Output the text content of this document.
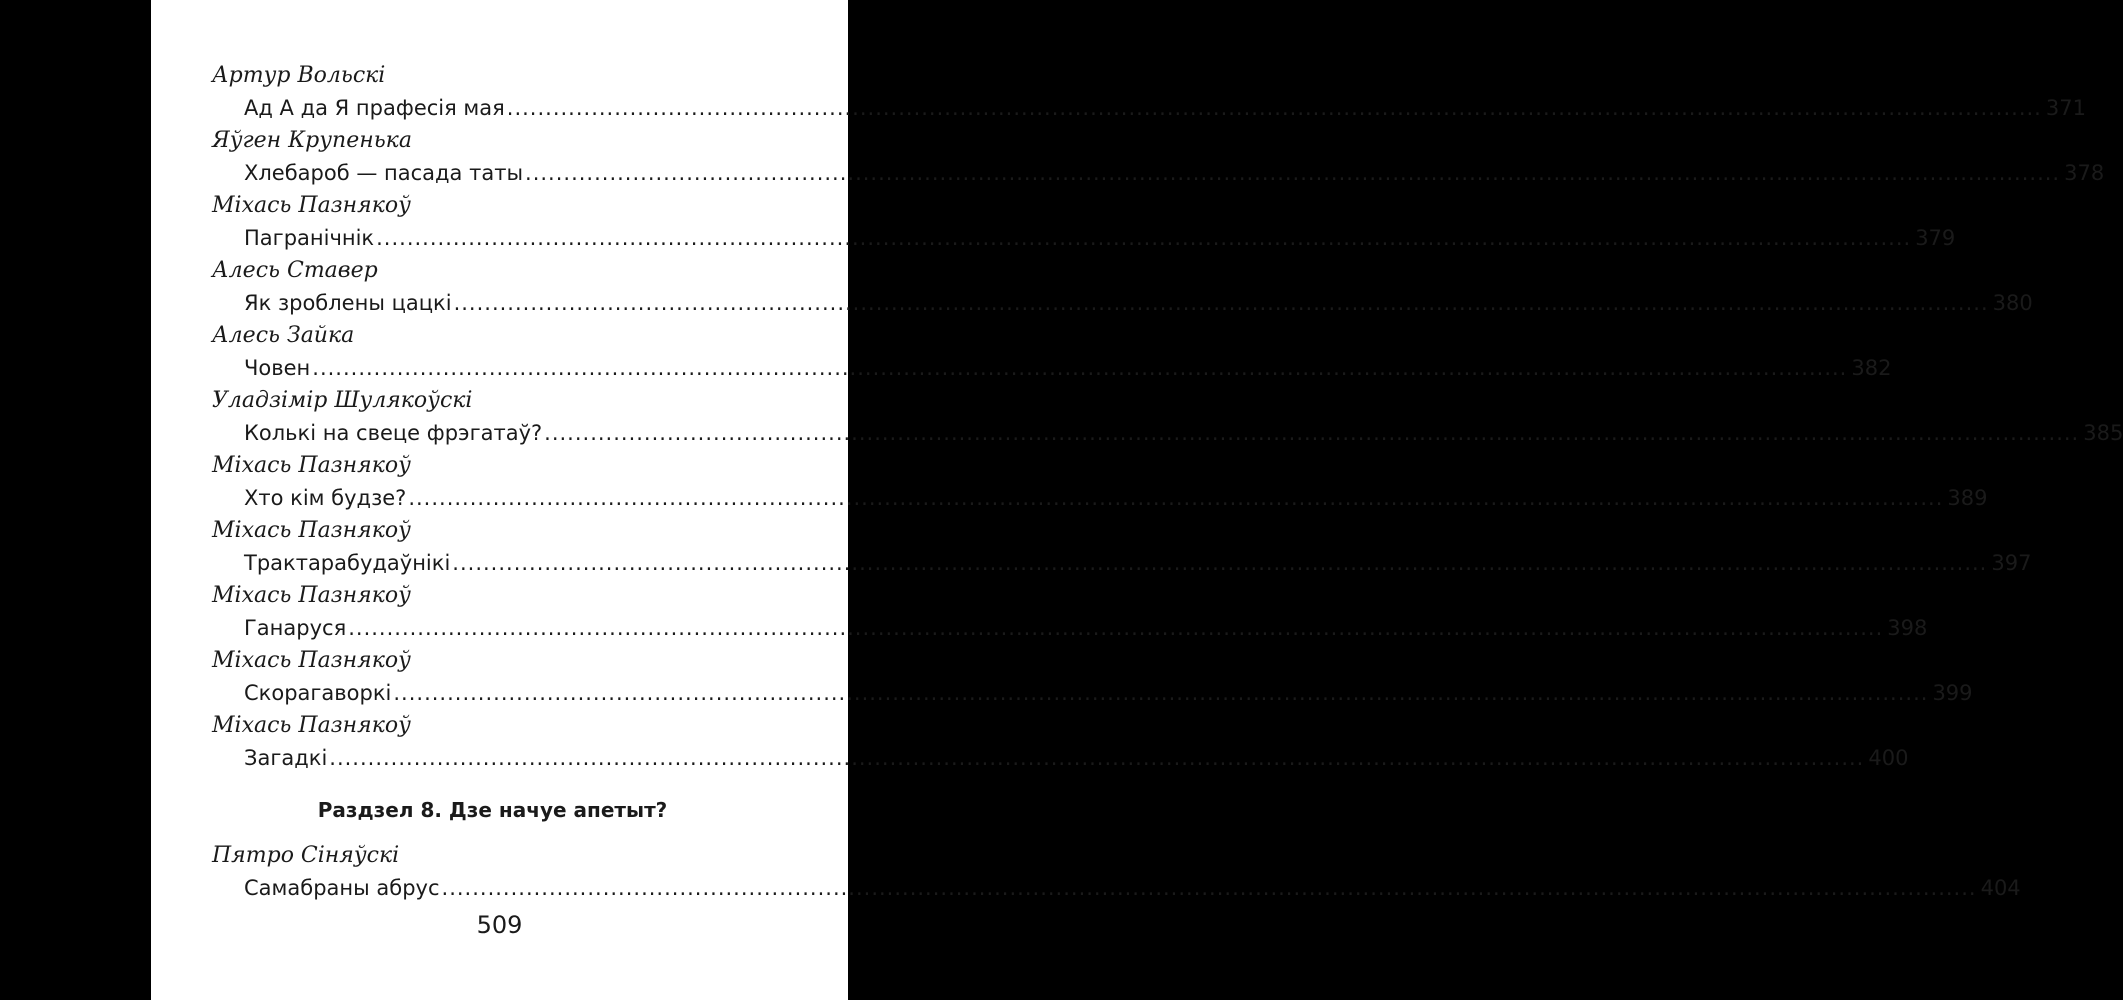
Артур Вольскі
Ад А да Я прафесія мая ........................................................................................................................................................................................................ 371
Яўген Крупенька
Хлебароб — пасада таты ........................................................................................................................................................................................................ 378
Міхась Пазнякоў
Пагранічнік ........................................................................................................................................................................................................ 379
Алесь Ставер
Як зроблены цацкі ........................................................................................................................................................................................................ 380
Алесь Зайка
Човен ........................................................................................................................................................................................................ 382
Уладзімір Шулякоўскі
Колькі на свеце фрэгатаў? ........................................................................................................................................................................................................ 385
Міхась Пазнякоў
Хто кім будзе? ........................................................................................................................................................................................................ 389
Міхась Пазнякоў
Трактарабудаўнікі ........................................................................................................................................................................................................ 397
Міхась Пазнякоў
Ганаруся ........................................................................................................................................................................................................ 398
Міхась Пазнякоў
Скорагаворкі ........................................................................................................................................................................................................ 399
Міхась Пазнякоў
Загадкі ........................................................................................................................................................................................................ 400
Раздзел 8. Дзе начуе апетыт?
Пятро Сіняўскі
Самабраны абрус ........................................................................................................................................................................................................ 404
509
